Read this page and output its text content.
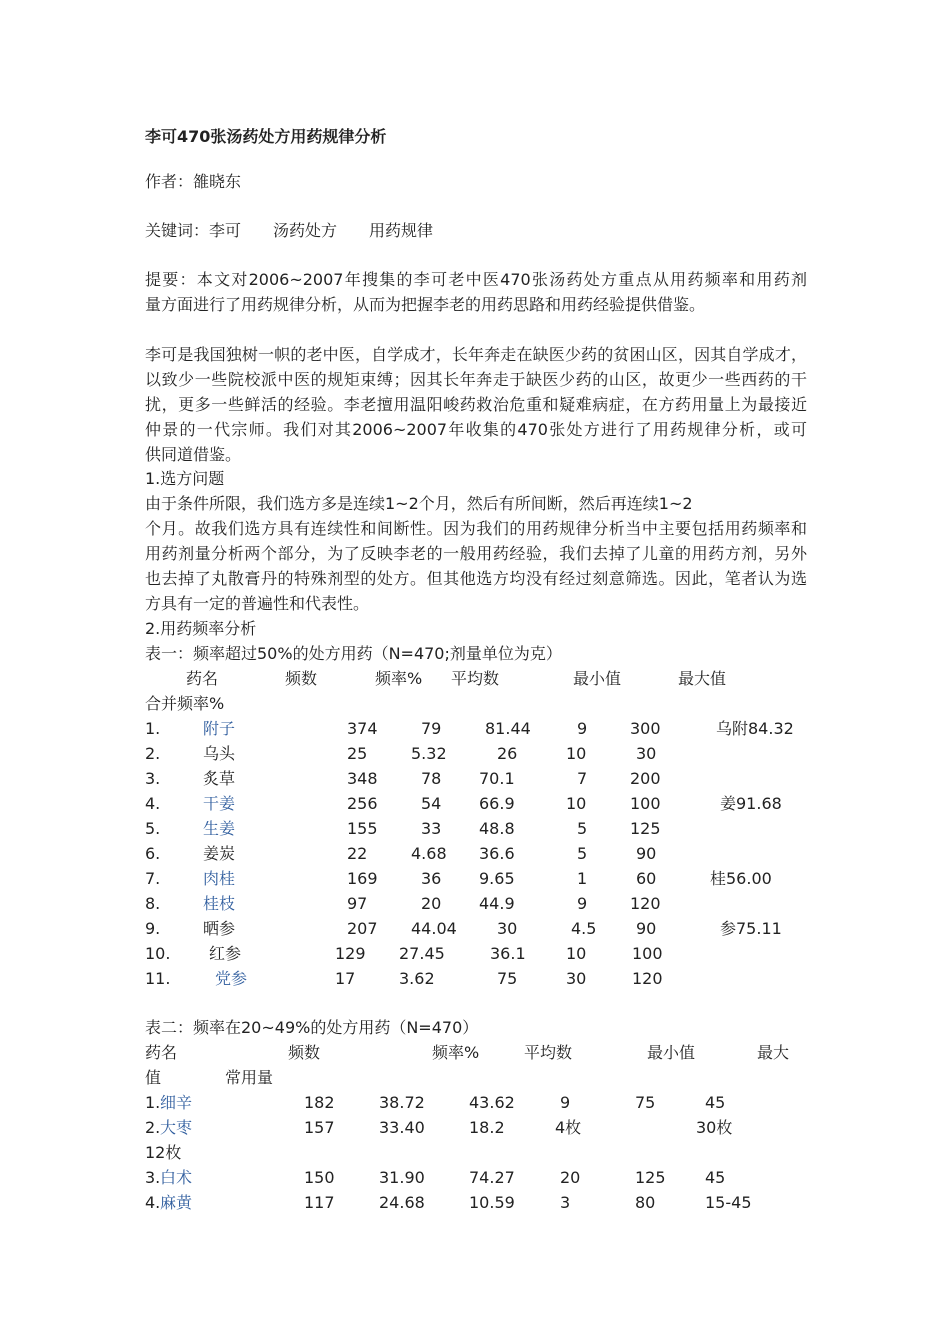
李可470张汤药处方用药规律分析
作者：雒晓东
关键词：李可　　汤药处方　　用药规律
提要：本文对2006~2007年搜集的李可老中医470张汤药处方重点从用药频率和用药剂
量方面进行了用药规律分析，从而为把握李老的用药思路和用药经验提供借鉴。
李可是我国独树一帜的老中医，自学成才，长年奔走在缺医少药的贫困山区，因其自学成才，
以致少一些院校派中医的规矩束缚；因其长年奔走于缺医少药的山区，故更少一些西药的干
扰，更多一些鲜活的经验。李老擅用温阳峻药救治危重和疑难病症，在方药用量上为最接近
仲景的一代宗师。我们对其2006~2007年收集的470张处方进行了用药规律分析，或可
供同道借鉴。
1.选方问题
由于条件所限，我们选方多是连续1~2个月，然后有所间断，然后再连续1~2
个月。故我们选方具有连续性和间断性。因为我们的用药规律分析当中主要包括用药频率和
用药剂量分析两个部分，为了反映李老的一般用药经验，我们去掉了儿童的用药方剂，另外
也去掉了丸散膏丹的特殊剂型的处方。但其他选方均没有经过刻意筛选。因此，笔者认为选
方具有一定的普遍性和代表性。
2.用药频率分析
表一：频率超过50%的处方用药（N=470;剂量单位为克）
药名	频数	频率% 平均数	最小值	最大值
合并频率%
1.	附子	374	79	81.44	9	300	乌附84.32
2.	乌头	25	5.32	26	10	30
3.	炙草	348	78 70.1	7	200
4.	干姜	256	54 66.9	10	100	姜91.68
5.	生姜	155	33 48.8	5	125
6.	姜炭	22	4.68 36.6	5	90
7.	肉桂	169	36 9.65	1	60	桂56.00
8.	桂枝	97	20 44.9	9	120
9.	晒参	207 44.04	30	4.5 90	参75.11
10. 红参	129 27.45	36.1	10	100
11.	党参	17	3.62	75	30	120
表二：频率在20~49%的处方用药（N=470）
药名	频数	频率%	平均数	最小值	最大
值　　　　常用量
1. 细辛	182	38.72	43.62	9	75	45
2. 大枣	157	33.40	18.2	4枚	30枚
12枚
3. 白术	150	31.90	74.27	20	125 45
4. 麻黄	117	24.68	10.59	3	80	15-45
